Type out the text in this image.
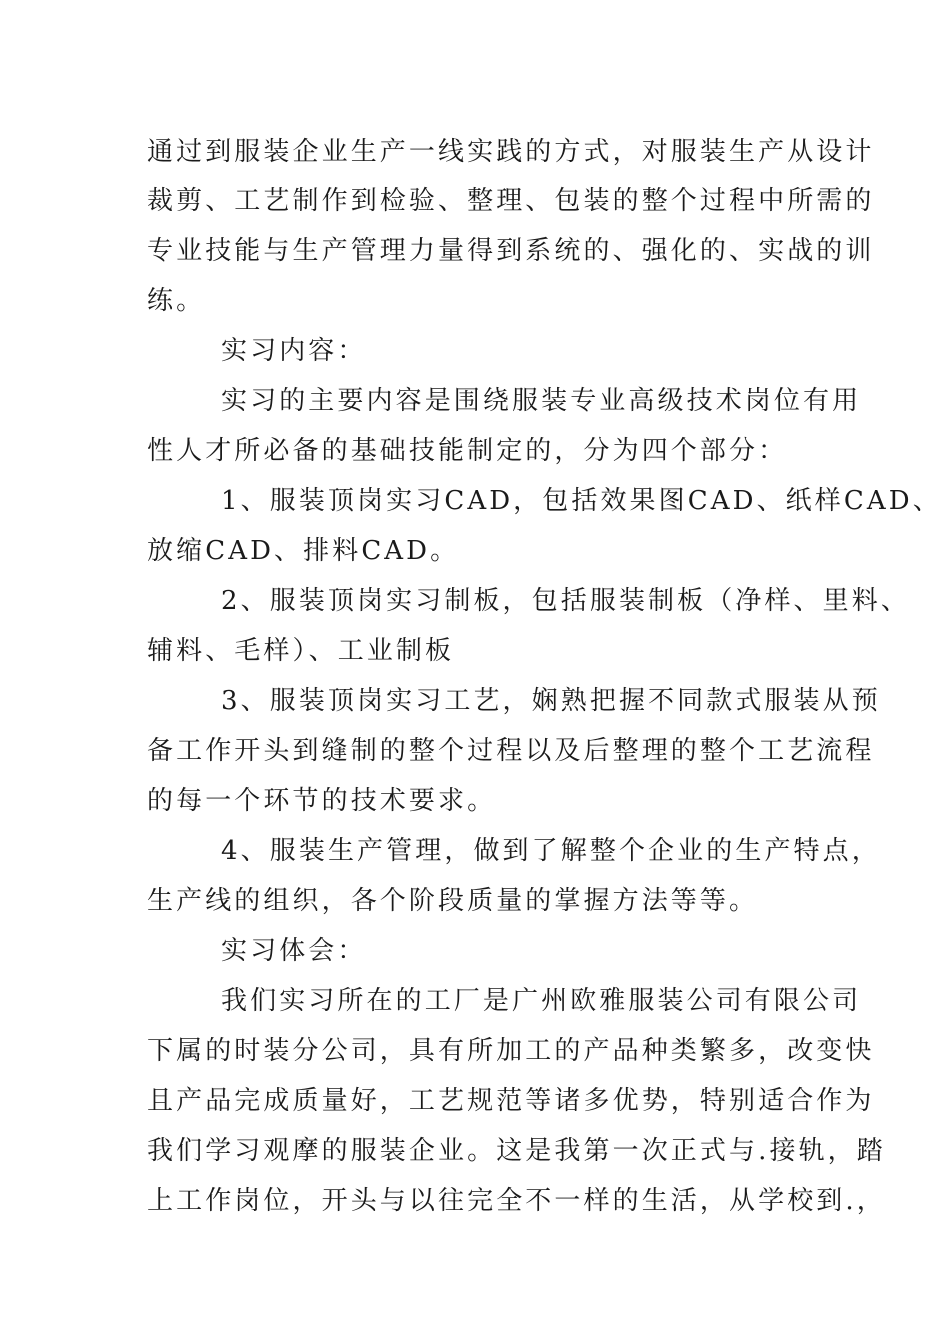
通过到服装企业生产一线实践的方式，对服装生产从设计
裁剪、工艺制作到检验、整理、包装的整个过程中所需的
专业技能与生产管理力量得到系统的、强化的、实战的训
练。
实习内容：
实习的主要内容是围绕服装专业高级技术岗位有用
性人才所必备的基础技能制定的，分为四个部分：
1、服装顶岗实习CAD，包括效果图CAD、纸样CAD、
放缩CAD、排料CAD。
2、服装顶岗实习制板，包括服装制板（净样、里料、
辅料、毛样）、工业制板
3、服装顶岗实习工艺，娴熟把握不同款式服装从预
备工作开头到缝制的整个过程以及后整理的整个工艺流程
的每一个环节的技术要求。
4、服装生产管理，做到了解整个企业的生产特点，
生产线的组织，各个阶段质量的掌握方法等等。
实习体会：
我们实习所在的工厂是广州欧雅服装公司有限公司
下属的时装分公司，具有所加工的产品种类繁多，改变快
且产品完成质量好，工艺规范等诸多优势，特别适合作为
我们学习观摩的服装企业。这是我第一次正式与.接轨，踏
上工作岗位，开头与以往完全不一样的生活，从学校到.，
